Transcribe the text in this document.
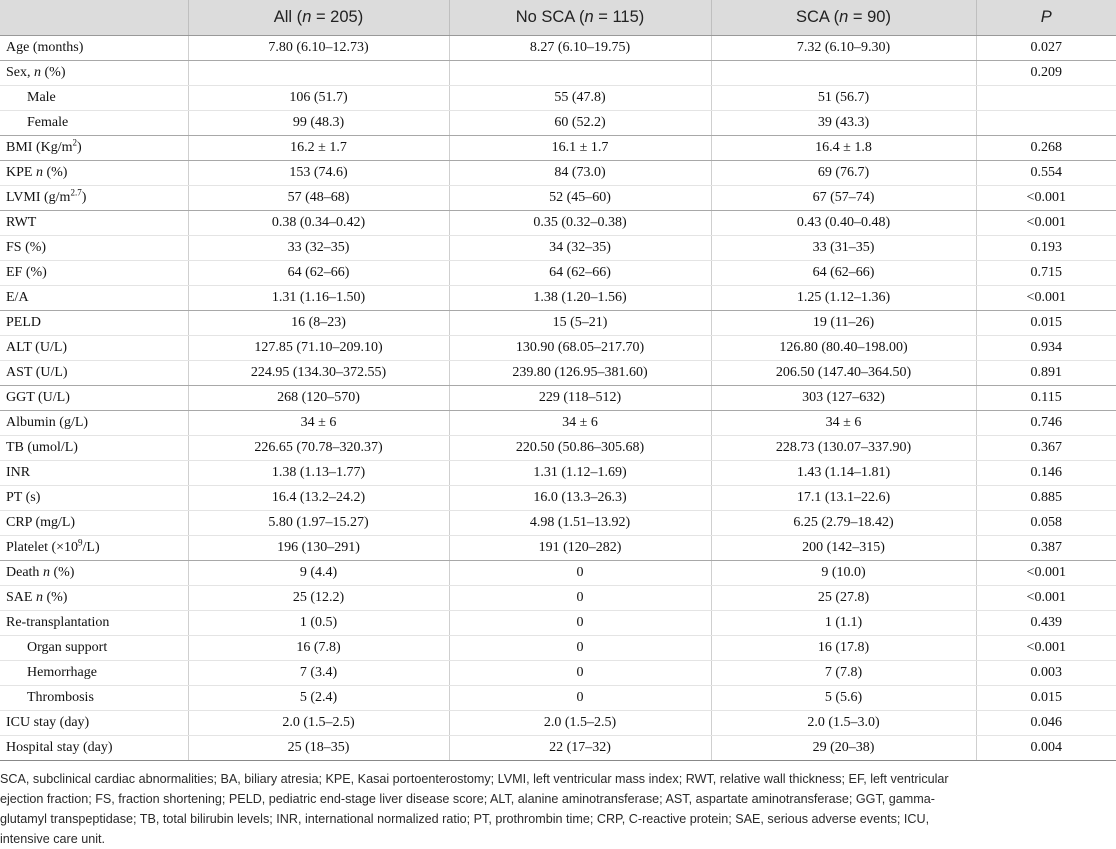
	All (n = 205)	No SCA (n = 115)	SCA (n = 90)	P
Age (months)	7.80 (6.10–12.73)	8.27 (6.10–19.75)	7.32 (6.10–9.30)	0.027
Sex, n (%)				0.209
Male	106 (51.7)	55 (47.8)	51 (56.7)	
Female	99 (48.3)	60 (52.2)	39 (43.3)	
BMI $(Kg/m^2)$	16.2 ± 1.7	16.1 ± 1.7	16.4 ± 1.8	0.268
KPE n (%)	153 (74.6)	84 (73.0)	69 (76.7)	0.554
LVMI $(g/m^{2.7})$	57 (48–68)	52 (45–60)	67 (57–74)	<0.001
RWT	0.38 (0.34–0.42)	0.35 (0.32–0.38)	0.43 (0.40–0.48)	<0.001
FS (%)	33 (32–35)	34 (32–35)	33 (31–35)	0.193
EF (%)	64 (62–66)	64 (62–66)	64 (62–66)	0.715
E/A	1.31 (1.16–1.50)	1.38 (1.20–1.56)	1.25 (1.12–1.36)	<0.001
PELD	16 (8–23)	15 (5–21)	19 (11–26)	0.015
ALT (U/L)	127.85 (71.10–209.10)	130.90 (68.05–217.70)	126.80 (80.40–198.00)	0.934
AST (U/L)	224.95 (134.30–372.55)	239.80 (126.95–381.60)	206.50 (147.40–364.50)	0.891
GGT (U/L)	268 (120–570)	229 (118–512)	303 (127–632)	0.115
Albumin (g/L)	34 ± 6	34 ± 6	34 ± 6	0.746
TB (umol/L)	226.65 (70.78–320.37)	220.50 (50.86–305.68)	228.73 (130.07–337.90)	0.367
INR	1.38 (1.13–1.77)	1.31 (1.12–1.69)	1.43 (1.14–1.81)	0.146
PT (s)	16.4 (13.2–24.2)	16.0 (13.3–26.3)	17.1 (13.1–22.6)	0.885
CRP (mg/L)	5.80 (1.97–15.27)	4.98 (1.51–13.92)	6.25 (2.79–18.42)	0.058
Platelet $(\times 10^9/L)$	196 (130–291)	191 (120–282)	200 (142–315)	0.387
Death n (%)	9 (4.4)	0	9 (10.0)	<0.001
SAE n (%)	25 (12.2)	0	25 (27.8)	<0.001
Re-transplantation	1 (0.5)	0	1 (1.1)	0.439
Organ support	16 (7.8)	0	16 (17.8)	<0.001
Hemorrhage	7 (3.4)	0	7 (7.8)	0.003
Thrombosis	5 (2.4)	0	5 (5.6)	0.015
ICU stay (day)	2.0 (1.5–2.5)	2.0 (1.5–2.5)	2.0 (1.5–3.0)	0.046
Hospital stay (day)	25 (18–35)	22 (17–32)	29 (20–38)	0.004
SCA, subclinical cardiac abnormalities; BA, biliary atresia; KPE, Kasai portoenterostomy; LVMI, left ventricular mass index; RWT, relative wall thickness; EF, left ventricular
ejection fraction; FS, fraction shortening; PELD, pediatric end-stage liver disease score; ALT, alanine aminotransferase; AST, aspartate aminotransferase; GGT, gamma-
glutamyl transpeptidase; TB, total bilirubin levels; INR, international normalized ratio; PT, prothrombin time; CRP, C-reactive protein; SAE, serious adverse events; ICU,
intensive care unit.
